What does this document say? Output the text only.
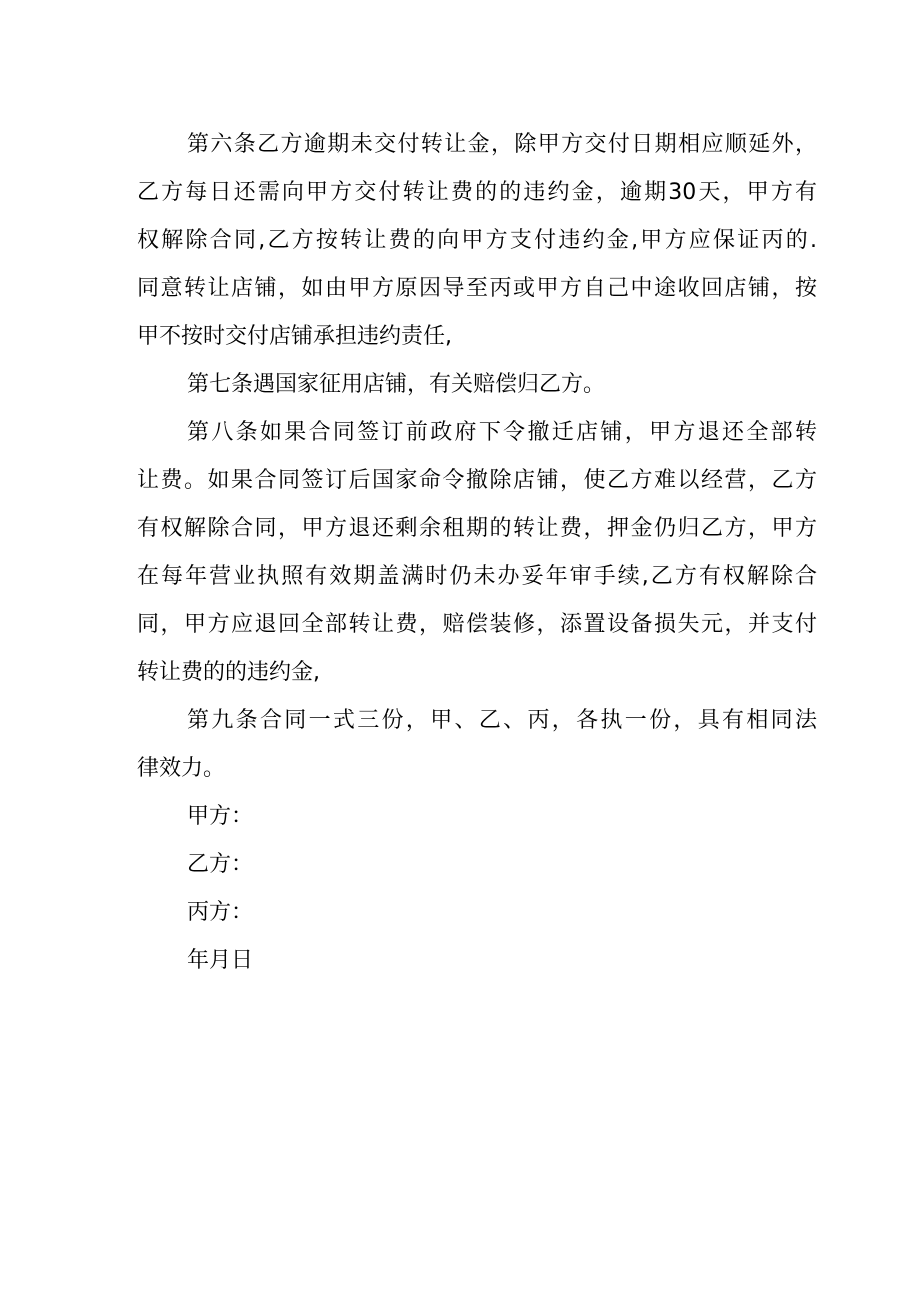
第六条乙方逾期未交付转让金，除甲方交付日期相应顺延外，
乙方每日还需向甲方交付转让费的的违约金，逾期30天，甲方有
权解除合同,乙方按转让费的向甲方支付违约金,甲方应保证丙的.
同意转让店铺，如由甲方原因导至丙或甲方自己中途收回店铺，按
甲不按时交付店铺承担违约责任,
第七条遇国家征用店铺，有关赔偿归乙方。
第八条如果合同签订前政府下令撤迁店铺，甲方退还全部转
让费。如果合同签订后国家命令撤除店铺，使乙方难以经营，乙方
有权解除合同，甲方退还剩余租期的转让费，押金仍归乙方，甲方
在每年营业执照有效期盖满时仍未办妥年审手续,乙方有权解除合
同，甲方应退回全部转让费，赔偿装修，添置设备损失元，并支付
转让费的的违约金,
第九条合同一式三份，甲、乙、丙，各执一份，具有相同法
律效力。
甲方：
乙方：
丙方：
年月日
